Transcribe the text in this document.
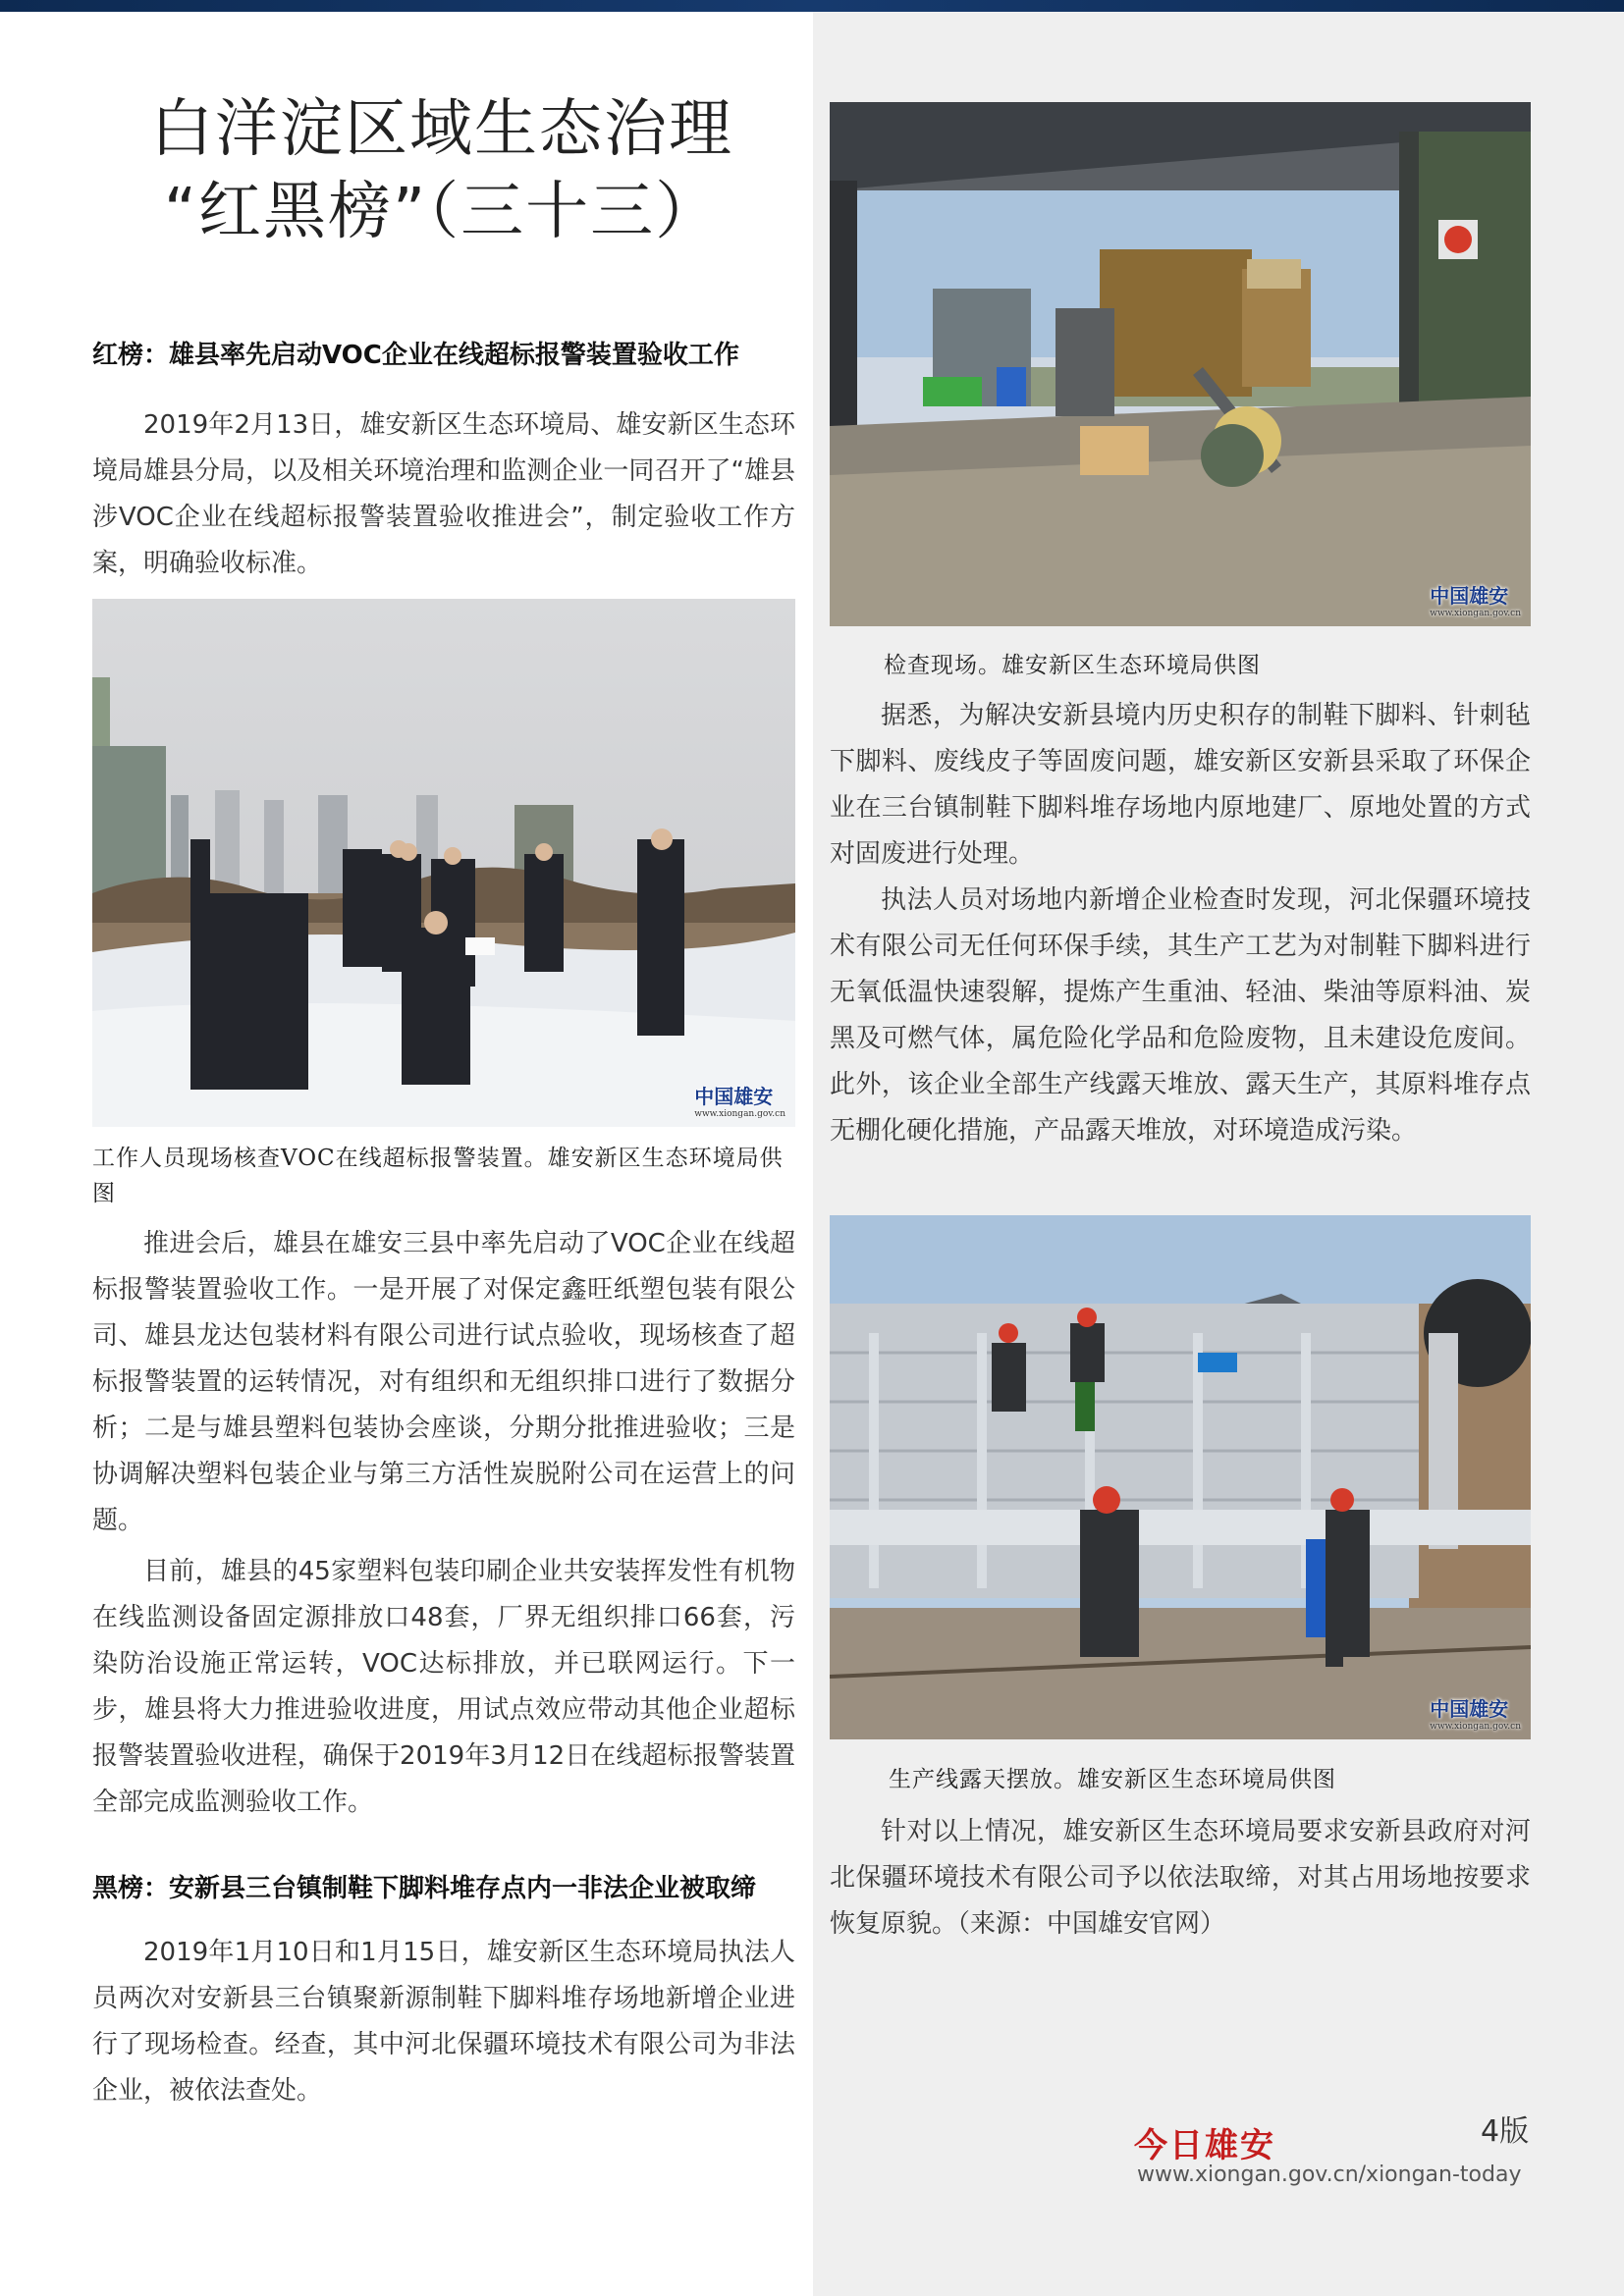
白洋淀区域生态治理
“红黑榜”（三十三）
红榜：雄县率先启动VOC企业在线超标报警装置验收工作

2019年2月13日，雄安新区生态环境局、雄安新区生态环境局雄县分局，以及相关环境治理和监测企业一同召开了“雄县涉VOC企业在线超标报警装置验收推进会”，制定验收工作方案，明确验收标准。

中国雄安
www.xiongan.gov.cn
工作人员现场核查VOC在线超标报警装置。雄安新区生态环境局供图

推进会后，雄县在雄安三县中率先启动了VOC企业在线超标报警装置验收工作。一是开展了对保定鑫旺纸塑包装有限公司、雄县龙达包装材料有限公司进行试点验收，现场核查了超标报警装置的运转情况，对有组织和无组织排口进行了数据分析；二是与雄县塑料包装协会座谈，分期分批推进验收；三是协调解决塑料包装企业与第三方活性炭脱附公司在运营上的问题。

目前，雄县的45家塑料包装印刷企业共安装挥发性有机物在线监测设备固定源排放口48套，厂界无组织排口66套，污染防治设施正常运转，VOC达标排放，并已联网运行。下一步，雄县将大力推进验收进度，用试点效应带动其他企业超标报警装置验收进程，确保于2019年3月12日在线超标报警装置全部完成监测验收工作。

黑榜：安新县三台镇制鞋下脚料堆存点内一非法企业被取缔

2019年1月10日和1月15日，雄安新区生态环境局执法人员两次对安新县三台镇聚新源制鞋下脚料堆存场地新增企业进行了现场检查。经查，其中河北保疆环境技术有限公司为非法企业，被依法查处。

中国雄安
www.xiongan.gov.cn
检查现场。雄安新区生态环境局供图

据悉，为解决安新县境内历史积存的制鞋下脚料、针刺毡下脚料、废线皮子等固废问题，雄安新区安新县采取了环保企业在三台镇制鞋下脚料堆存场地内原地建厂、原地处置的方式对固废进行处理。

执法人员对场地内新增企业检查时发现，河北保疆环境技术有限公司无任何环保手续，其生产工艺为对制鞋下脚料进行无氧低温快速裂解，提炼产生重油、轻油、柴油等原料油、炭黑及可燃气体，属危险化学品和危险废物，且未建设危废间。此外，该企业全部生产线露天堆放、露天生产，其原料堆存点无棚化硬化措施，产品露天堆放，对环境造成污染。

中国雄安
www.xiongan.gov.cn
生产线露天摆放。雄安新区生态环境局供图

针对以上情况，雄安新区生态环境局要求安新县政府对河北保疆环境技术有限公司予以依法取缔，对其占用场地按要求恢复原貌。（来源：中国雄安官网）

今日雄安	4版
www.xiongan.gov.cn/xiongan-today
